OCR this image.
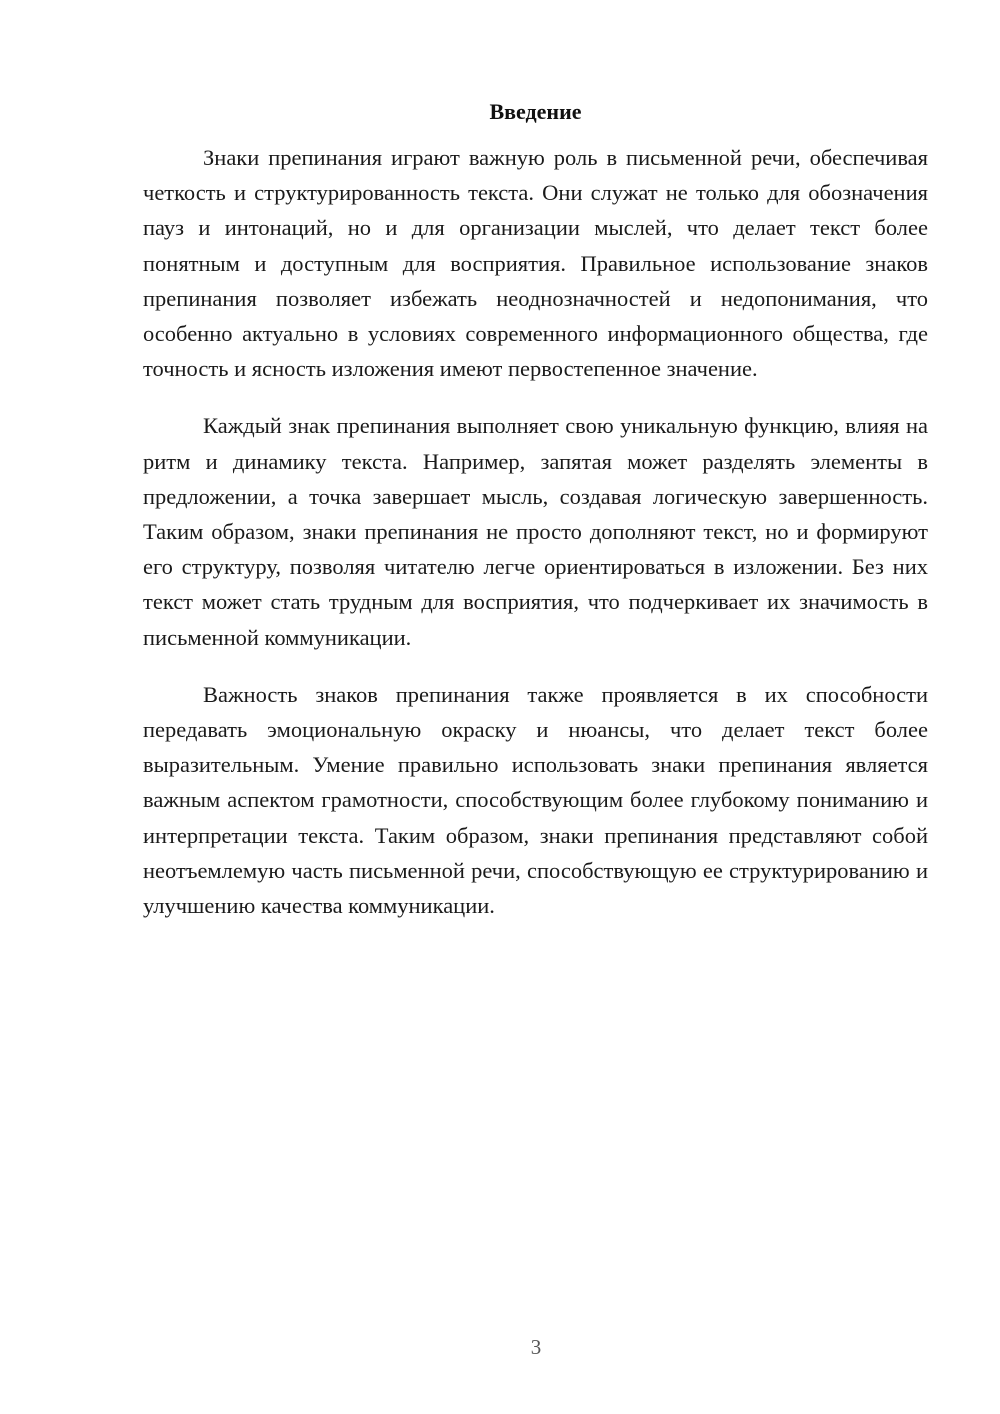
Введение

Знаки препинания играют важную роль в письменной речи, обеспечивая четкость и структурированность текста. Они служат не только для обозначения пауз и интонаций, но и для организации мыслей, что делает текст более понятным и доступным для восприятия. Правильное использование знаков препинания позволяет избежать неоднозначностей и недопонимания, что особенно актуально в условиях современного информационного общества, где точность и ясность изложения имеют первостепенное значение.

Каждый знак препинания выполняет свою уникальную функцию, влияя на ритм и динамику текста. Например, запятая может разделять элементы в предложении, а точка завершает мысль, создавая логическую завершенность. Таким образом, знаки препинания не просто дополняют текст, но и формируют его структуру, позволяя читателю легче ориентироваться в изложении. Без них текст может стать трудным для восприятия, что подчеркивает их значимость в письменной коммуникации.

Важность знаков препинания также проявляется в их способности передавать эмоциональную окраску и нюансы, что делает текст более выразительным. Умение правильно использовать знаки препинания является важным аспектом грамотности, способствующим более глубокому пониманию и интерпретации текста. Таким образом, знаки препинания представляют собой неотъемлемую часть письменной речи, способствующую ее структурированию и улучшению качества коммуникации.

3
